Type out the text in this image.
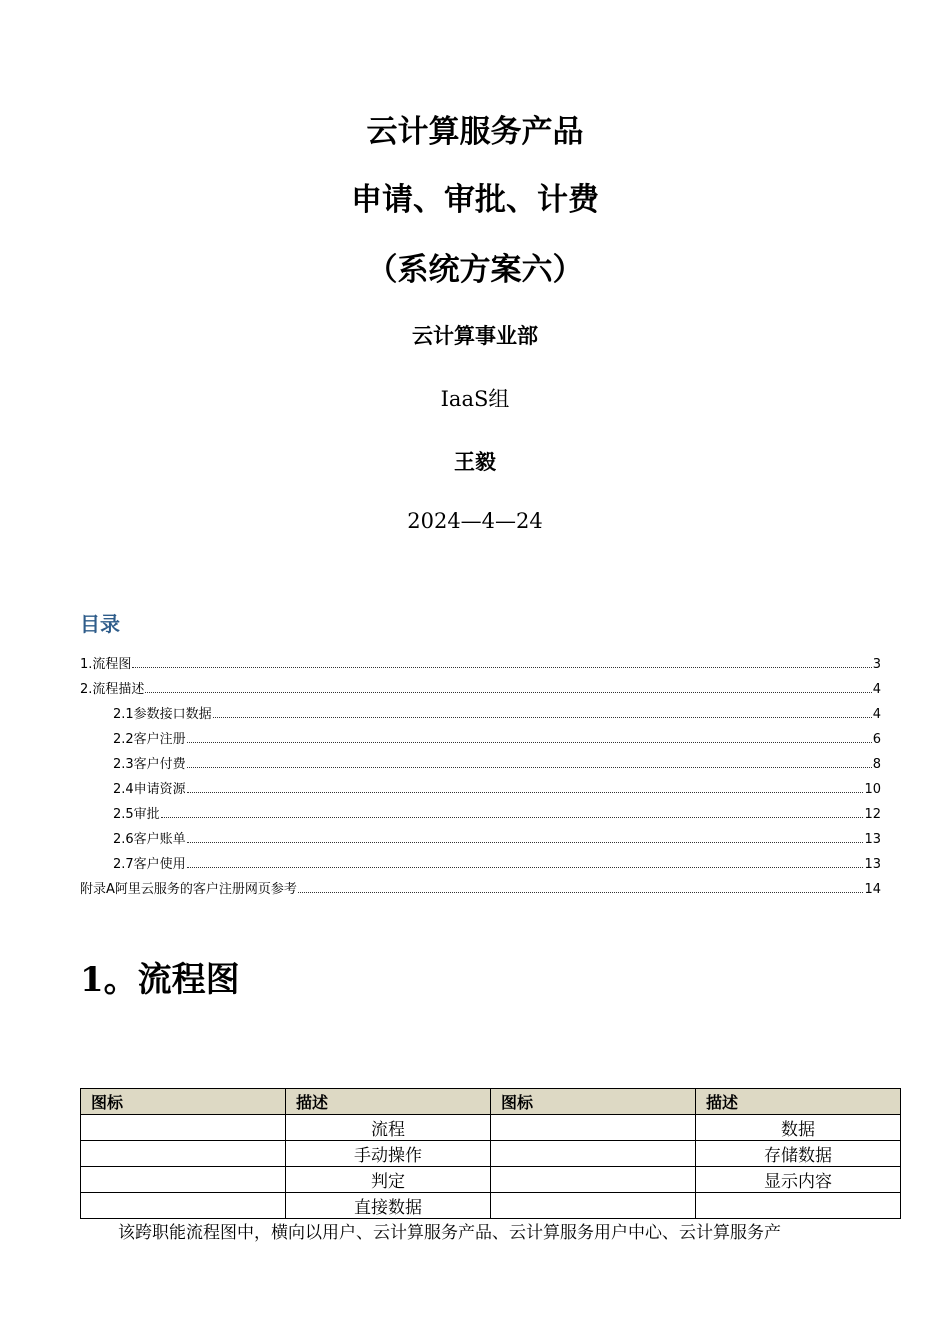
云计算服务产品
申请、审批、计费
（系统方案六）
云计算事业部
IaaS组
王毅
2024—4—24
目录
1.流程图	3
2.流程描述	4
2.1参数接口数据	4
2.2客户注册	6
2.3客户付费	8
2.4申请资源	10
2.5审批	12
2.6客户账单	13
2.7客户使用	13
附录A阿里云服务的客户注册网页参考	14
1。流程图
图标	描述	图标	描述
	流程		数据
	手动操作		存储数据
	判定		显示内容
	直接数据		
该跨职能流程图中，横向以用户、云计算服务产品、云计算服务用户中心、云计算服务产
